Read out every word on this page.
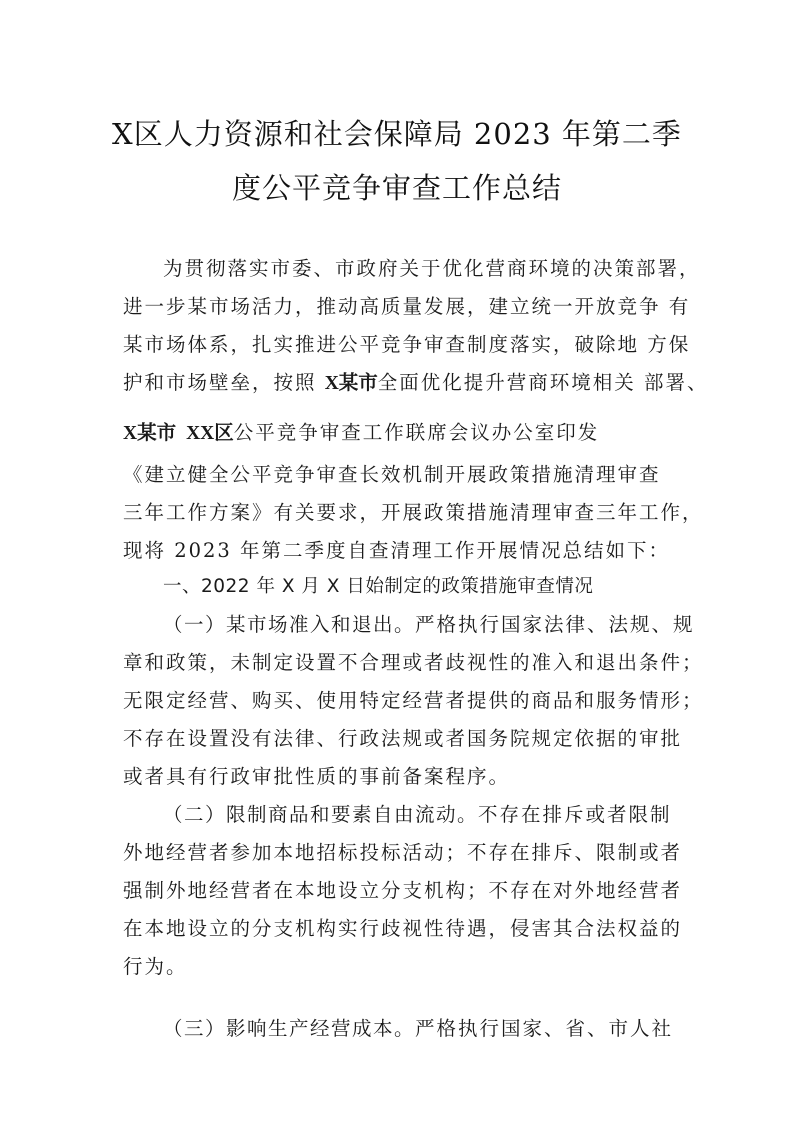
X区人力资源和社会保障局 2023 年第二季
度公平竞争审查工作总结
为贯彻落实市委、市政府关于优化营商环境的决策部署，
进一步某市场活力，推动高质量发展，建立统一开放竞争 有
某市场体系，扎实推进公平竞争审查制度落实，破除地 方保
护和市场壁垒，按照 X某市全面优化提升营商环境相关 部署、
X某市 XX区公平竞争审查工作联席会议办公室印发
《建立健全公平竞争审查长效机制开展政策措施清理审查
三年工作方案》有关要求，开展政策措施清理审查三年工作，
现将 2023 年第二季度自查清理工作开展情况总结如下：
一、2022 年 X 月 X 日始制定的政策措施审查情况
（一）某市场准入和退出。严格执行国家法律、法规、规
章和政策，未制定设置不合理或者歧视性的准入和退出条件；
无限定经营、购买、使用特定经营者提供的商品和服务情形；
不存在设置没有法律、行政法规或者国务院规定依据的审批
或者具有行政审批性质的事前备案程序。
（二）限制商品和要素自由流动。不存在排斥或者限制
外地经营者参加本地招标投标活动；不存在排斥、限制或者
强制外地经营者在本地设立分支机构；不存在对外地经营者
在本地设立的分支机构实行歧视性待遇，侵害其合法权益的
行为。
（三）影响生产经营成本。严格执行国家、省、市人社
